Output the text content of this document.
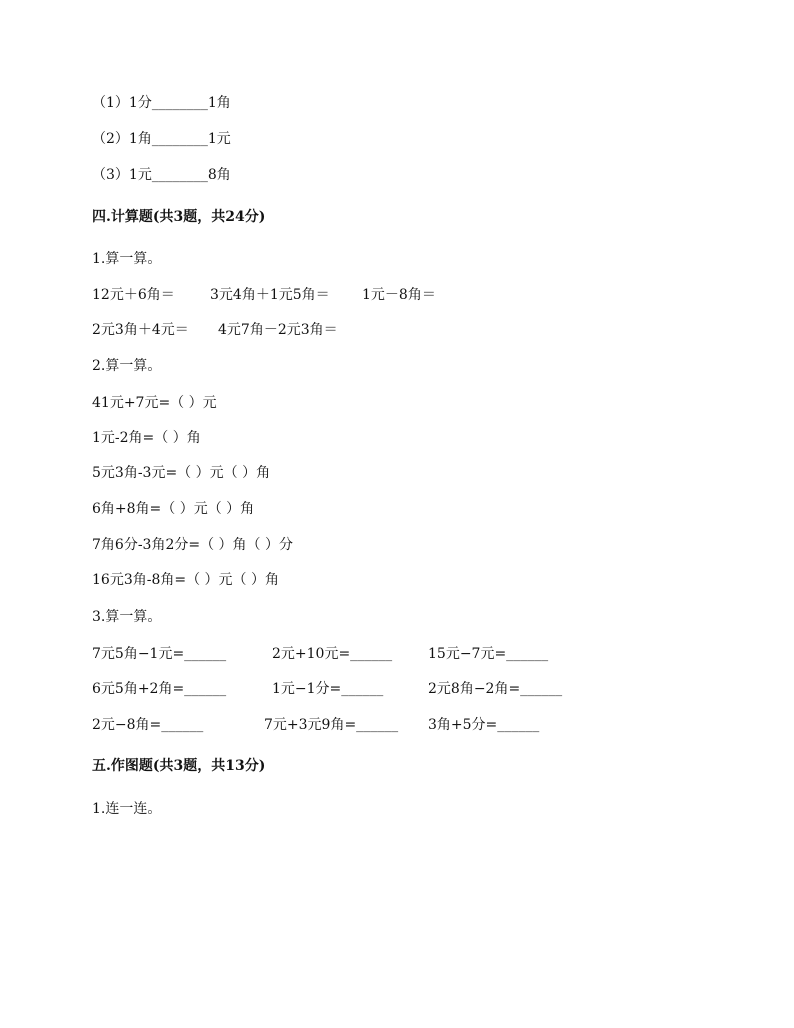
（1）1分________1角
（2）1角________1元
（3）1元________8角
四.计算题(共3题，共24分)
1.算一算。
12元＋6角＝	3元4角＋1元5角＝ 1元－8角＝
2元3角＋4元＝ 4元7角－2元3角＝
2.算一算。
41元+7元=（ ）元
1元-2角=（ ）角
5元3角-3元=（ ）元（ ）角
6角+8角=（ ）元（ ）角
7角6分-3角2分=（ ）角（ ）分
16元3角-8角=（ ）元（ ）角
3.算一算。
7元5角−1元=______	2元+10元=______	15元−7元=______
6元5角+2角=______	1元−1分=______	2元8角−2角=______
2元−8角=______	7元+3元9角=______ 3角+5分=______
五.作图题(共3题，共13分)
1.连一连。
